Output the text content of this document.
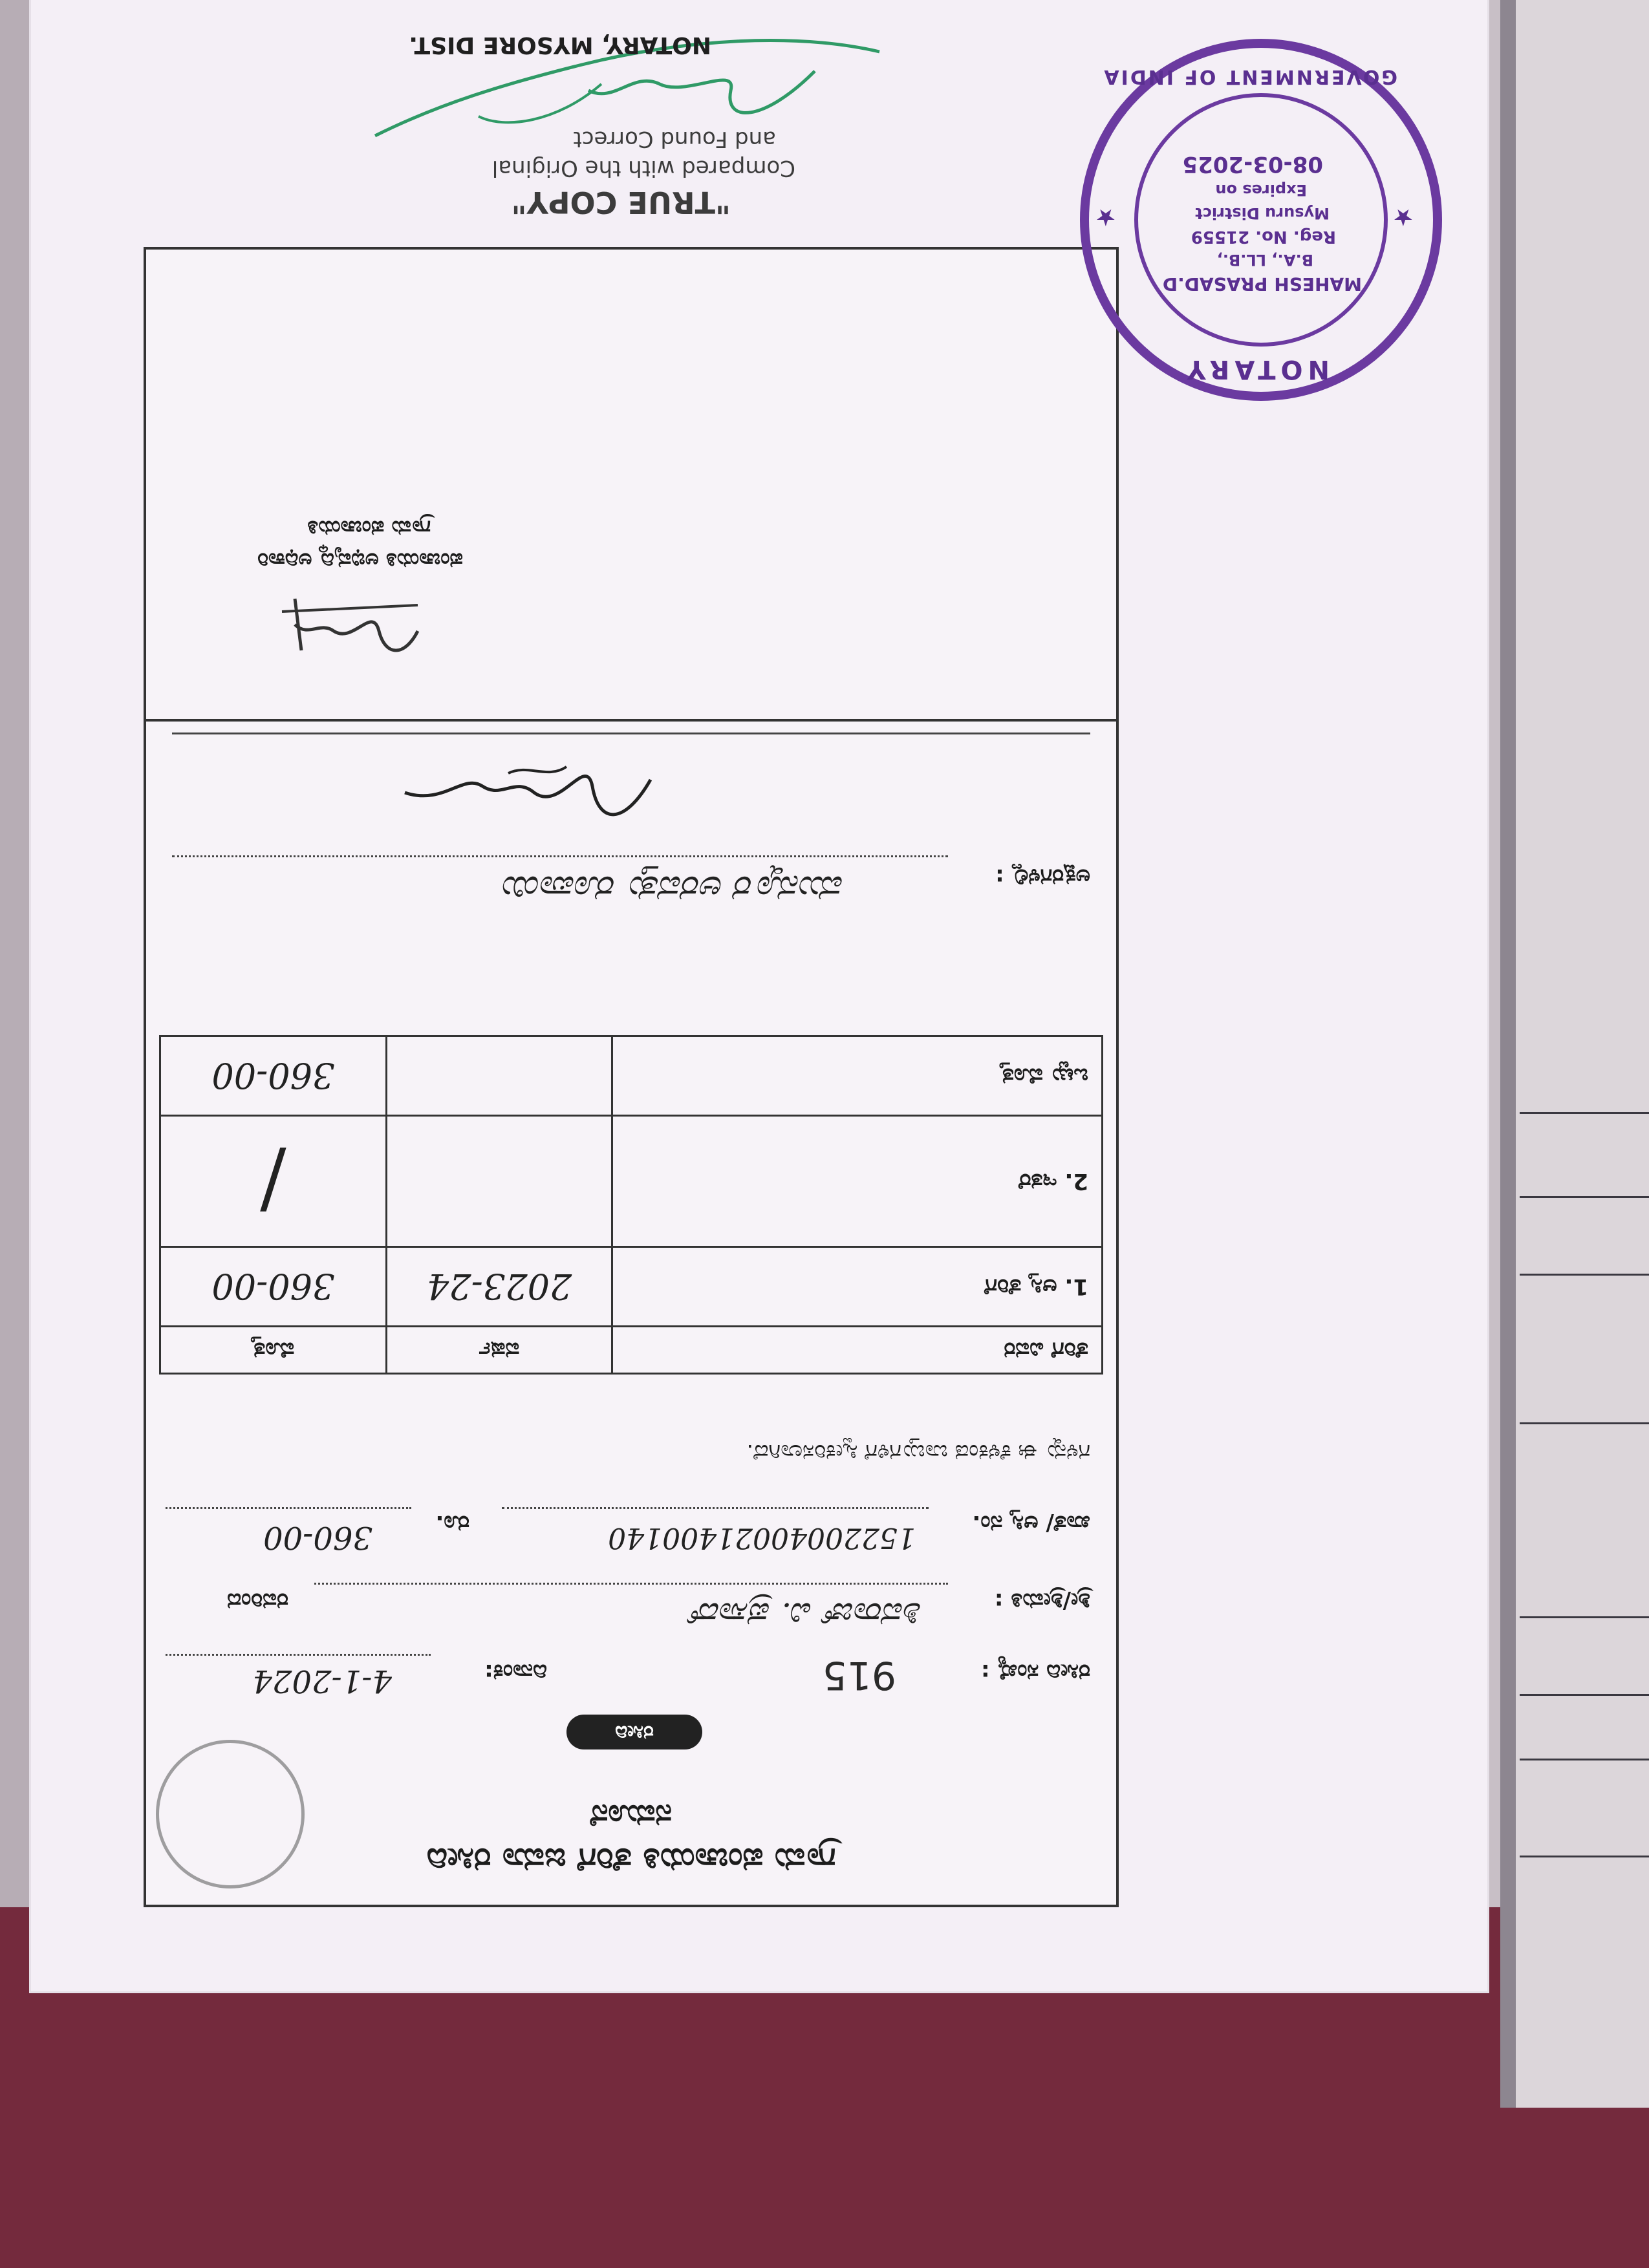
ಗ್ರಾಮ ಪಂಚಾಯತಿ ತೆರಿಗೆ ಜಮಾ ರಸೀದಿ
ನಮೂನೆ
ರಸೀದಿ
ರಸೀದಿ ಸಂಖ್ಯೆ :
915
ದಿನಾಂಕ:
4-1-2024
ಶ್ರೀ/ಶ್ರೀಮತಿ :
ಶಿವರಾಜ್ ವಿ. ಪ್ರಸಾದ್
ರವರಿಂದ
ಖಾತೆ/ ಆಸ್ತಿ ನಂ.
15220040021400140
ರೂ.
360-00
ಗಳನ್ನು ಈ ಕೆಳಕಂಡ ಬಾಬ್ತುಗಳಿಗೆ ಸ್ವೀಕರಿಸಲಾಗಿದೆ.
ತೆರಿಗೆ ವಿವರ	ವರ್ಷ	ಮೊತ್ತ
1. ಆಸ್ತಿ ತೆರಿಗೆ	2023-24	360-00
2. ಇತರೆ		/
ಒಟ್ಟು ಮೊತ್ತ		360-00
ಅಕ್ಷರಗಳಲ್ಲಿ :
ಮುನ್ನೂರ ಅರವತ್ತು ರೂಪಾಯಿ
ಪಂಚಾಯತಿ ಅಭಿವೃದ್ಧಿ ಅಧಿಕಾರಿ
ಗ್ರಾಮ ಪಂಚಾಯತಿ
"TRUE COPY"
Compared with the Original
and Found Correct
NOTARY, MYSORE DIST.
NOTARY
GOVERNMENT OF INDIA
MAHESH PRASAD.D
B.A., LL.B.,
Reg. No. 21559
Mysuru District
Expires on
08-03-2025
★
★
